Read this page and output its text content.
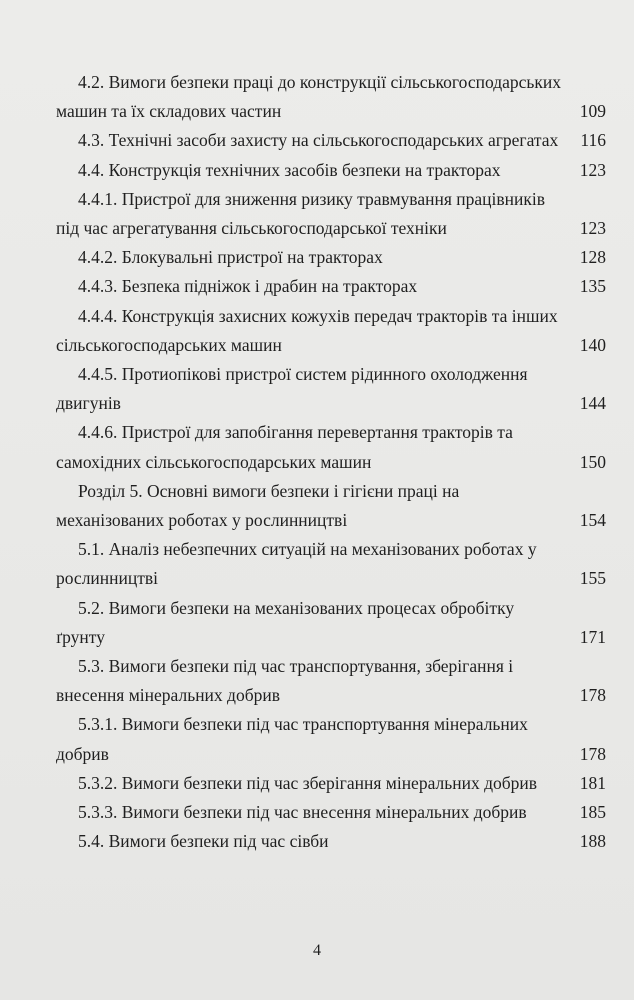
4.2. Вимоги безпеки праці до конструкції сільськогосподарських
машин та їх складових частин	109
4.3. Технічні засоби захисту на сільськогосподарських агрегатах	116
4.4. Конструкція технічних засобів безпеки на тракторах	123
4.4.1. Пристрої для зниження ризику травмування працівників
під час агрегатування сільськогосподарської техніки	123
4.4.2. Блокувальні пристрої на тракторах	128
4.4.3. Безпека підніжок і драбин на тракторах	135
4.4.4. Конструкція захисних кожухів передач тракторів та інших
сільськогосподарських машин	140
4.4.5. Протиопікові пристрої систем рідинного охолодження
двигунів	144
4.4.6. Пристрої для запобігання перевертання тракторів та
самохідних сільськогосподарських машин	150
Розділ 5. Основні вимоги безпеки і гігієни праці на
механізованих роботах у рослинництві	154
5.1. Аналіз небезпечних ситуацій на механізованих роботах у
рослинництві	155
5.2. Вимоги безпеки на механізованих процесах обробітку
ґрунту	171
5.3. Вимоги безпеки під час транспортування, зберігання і
внесення мінеральних добрив	178
5.3.1. Вимоги безпеки під час транспортування мінеральних
добрив	178
5.3.2. Вимоги безпеки під час зберігання мінеральних добрив	181
5.3.3. Вимоги безпеки під час внесення мінеральних добрив	185
5.4. Вимоги безпеки під час сівби	188
4
